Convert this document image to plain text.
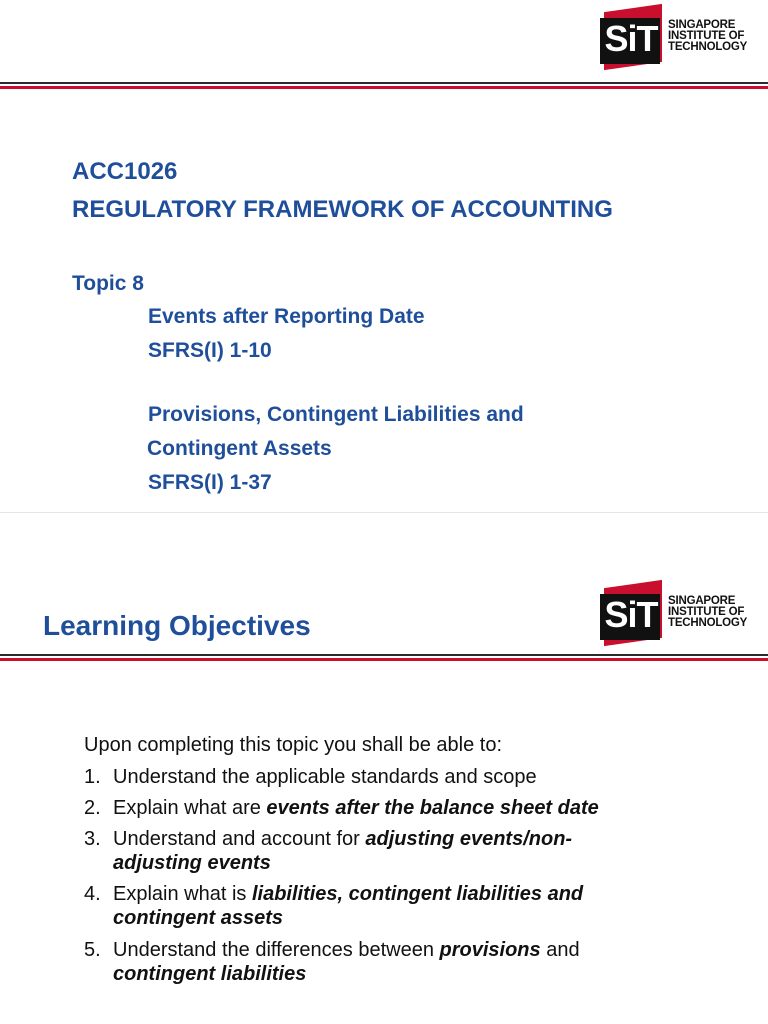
SiT SINGAPORE
INSTITUTE OF
TECHNOLOGY
ACC1026
REGULATORY FRAMEWORK OF ACCOUNTING
Topic 8
Events after Reporting Date
SFRS(I) 1-10
Provisions, Contingent Liabilities and
Contingent Assets
SFRS(I) 1-37
SiT SINGAPORE
INSTITUTE OF
TECHNOLOGY
Learning Objectives
Upon completing this topic you shall be able to:
1. Understand the applicable standards and scope
2. Explain what are events after the balance sheet date
3. Understand and account for adjusting events/non-
adjusting events
4. Explain what is liabilities, contingent liabilities and
contingent assets
5. Understand the differences between provisions and
contingent liabilities
